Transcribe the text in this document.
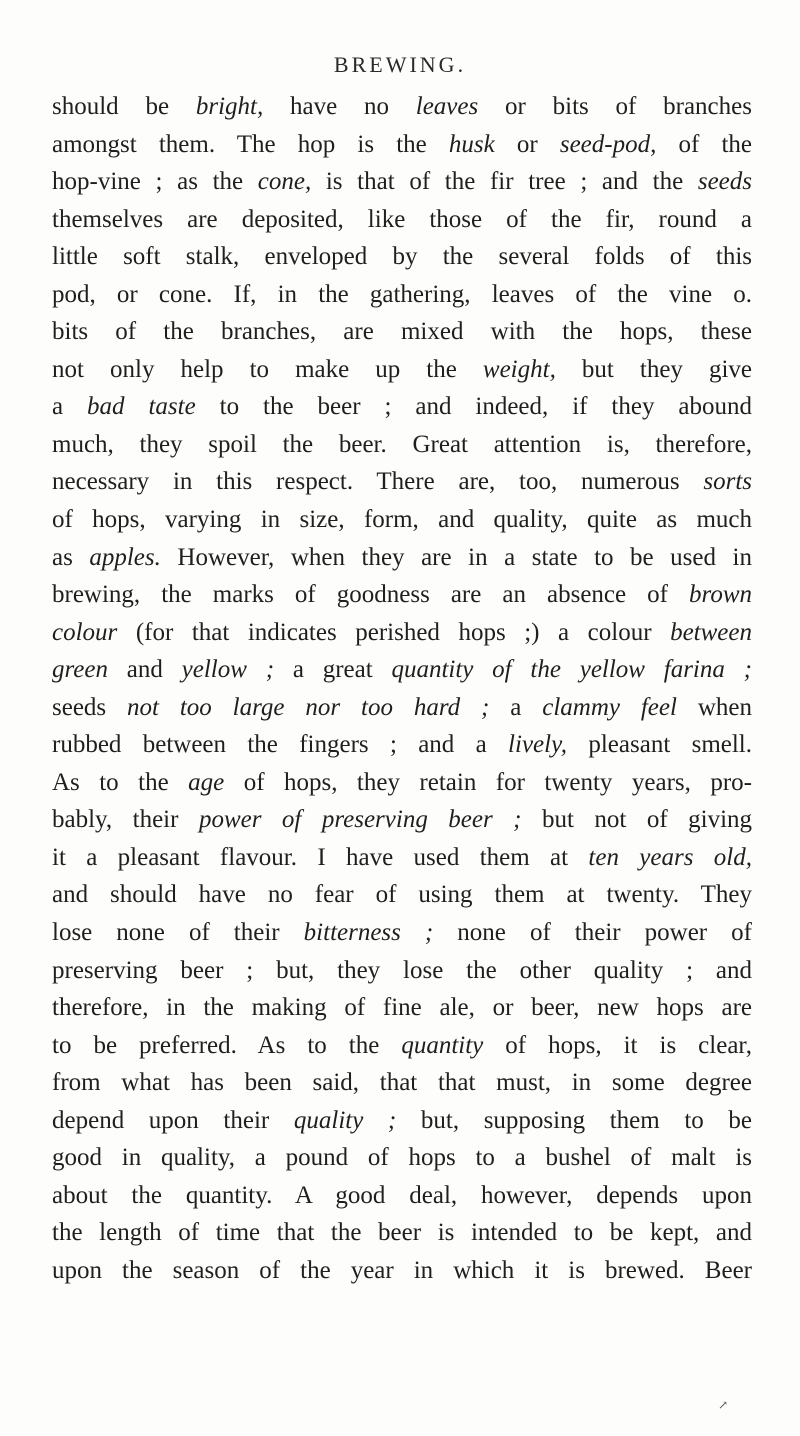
BREWING.
should be bright, have no leaves or bits of branches
amongst them. The hop is the husk or seed-pod, of the
hop-vine ; as the cone, is that of the fir tree ; and the seeds
themselves are deposited, like those of the fir, round a
little soft stalk, enveloped by the several folds of this
pod, or cone. If, in the gathering, leaves of the vine o.
bits of the branches, are mixed with the hops, these
not only help to make up the weight, but they give
a bad taste to the beer ; and indeed, if they abound
much, they spoil the beer. Great attention is, therefore,
necessary in this respect. There are, too, numerous sorts
of hops, varying in size, form, and quality, quite as much
as apples. However, when they are in a state to be used in
brewing, the marks of goodness are an absence of brown
colour (for that indicates perished hops ;) a colour between
green and yellow ; a great quantity of the yellow farina ;
seeds not too large nor too hard ; a clammy feel when
rubbed between the fingers ; and a lively, pleasant smell.
As to the age of hops, they retain for twenty years, pro-
bably, their power of preserving beer ; but not of giving
it a pleasant flavour. I have used them at ten years old,
and should have no fear of using them at twenty. They
lose none of their bitterness ; none of their power of
preserving beer ; but, they lose the other quality ; and
therefore, in the making of fine ale, or beer, new hops are
to be preferred. As to the quantity of hops, it is clear,
from what has been said, that that must, in some degree
depend upon their quality ; but, supposing them to be
good in quality, a pound of hops to a bushel of malt is
about the quantity. A good deal, however, depends upon
the length of time that the beer is intended to be kept, and
upon the season of the year in which it is brewed. Beer
↗
